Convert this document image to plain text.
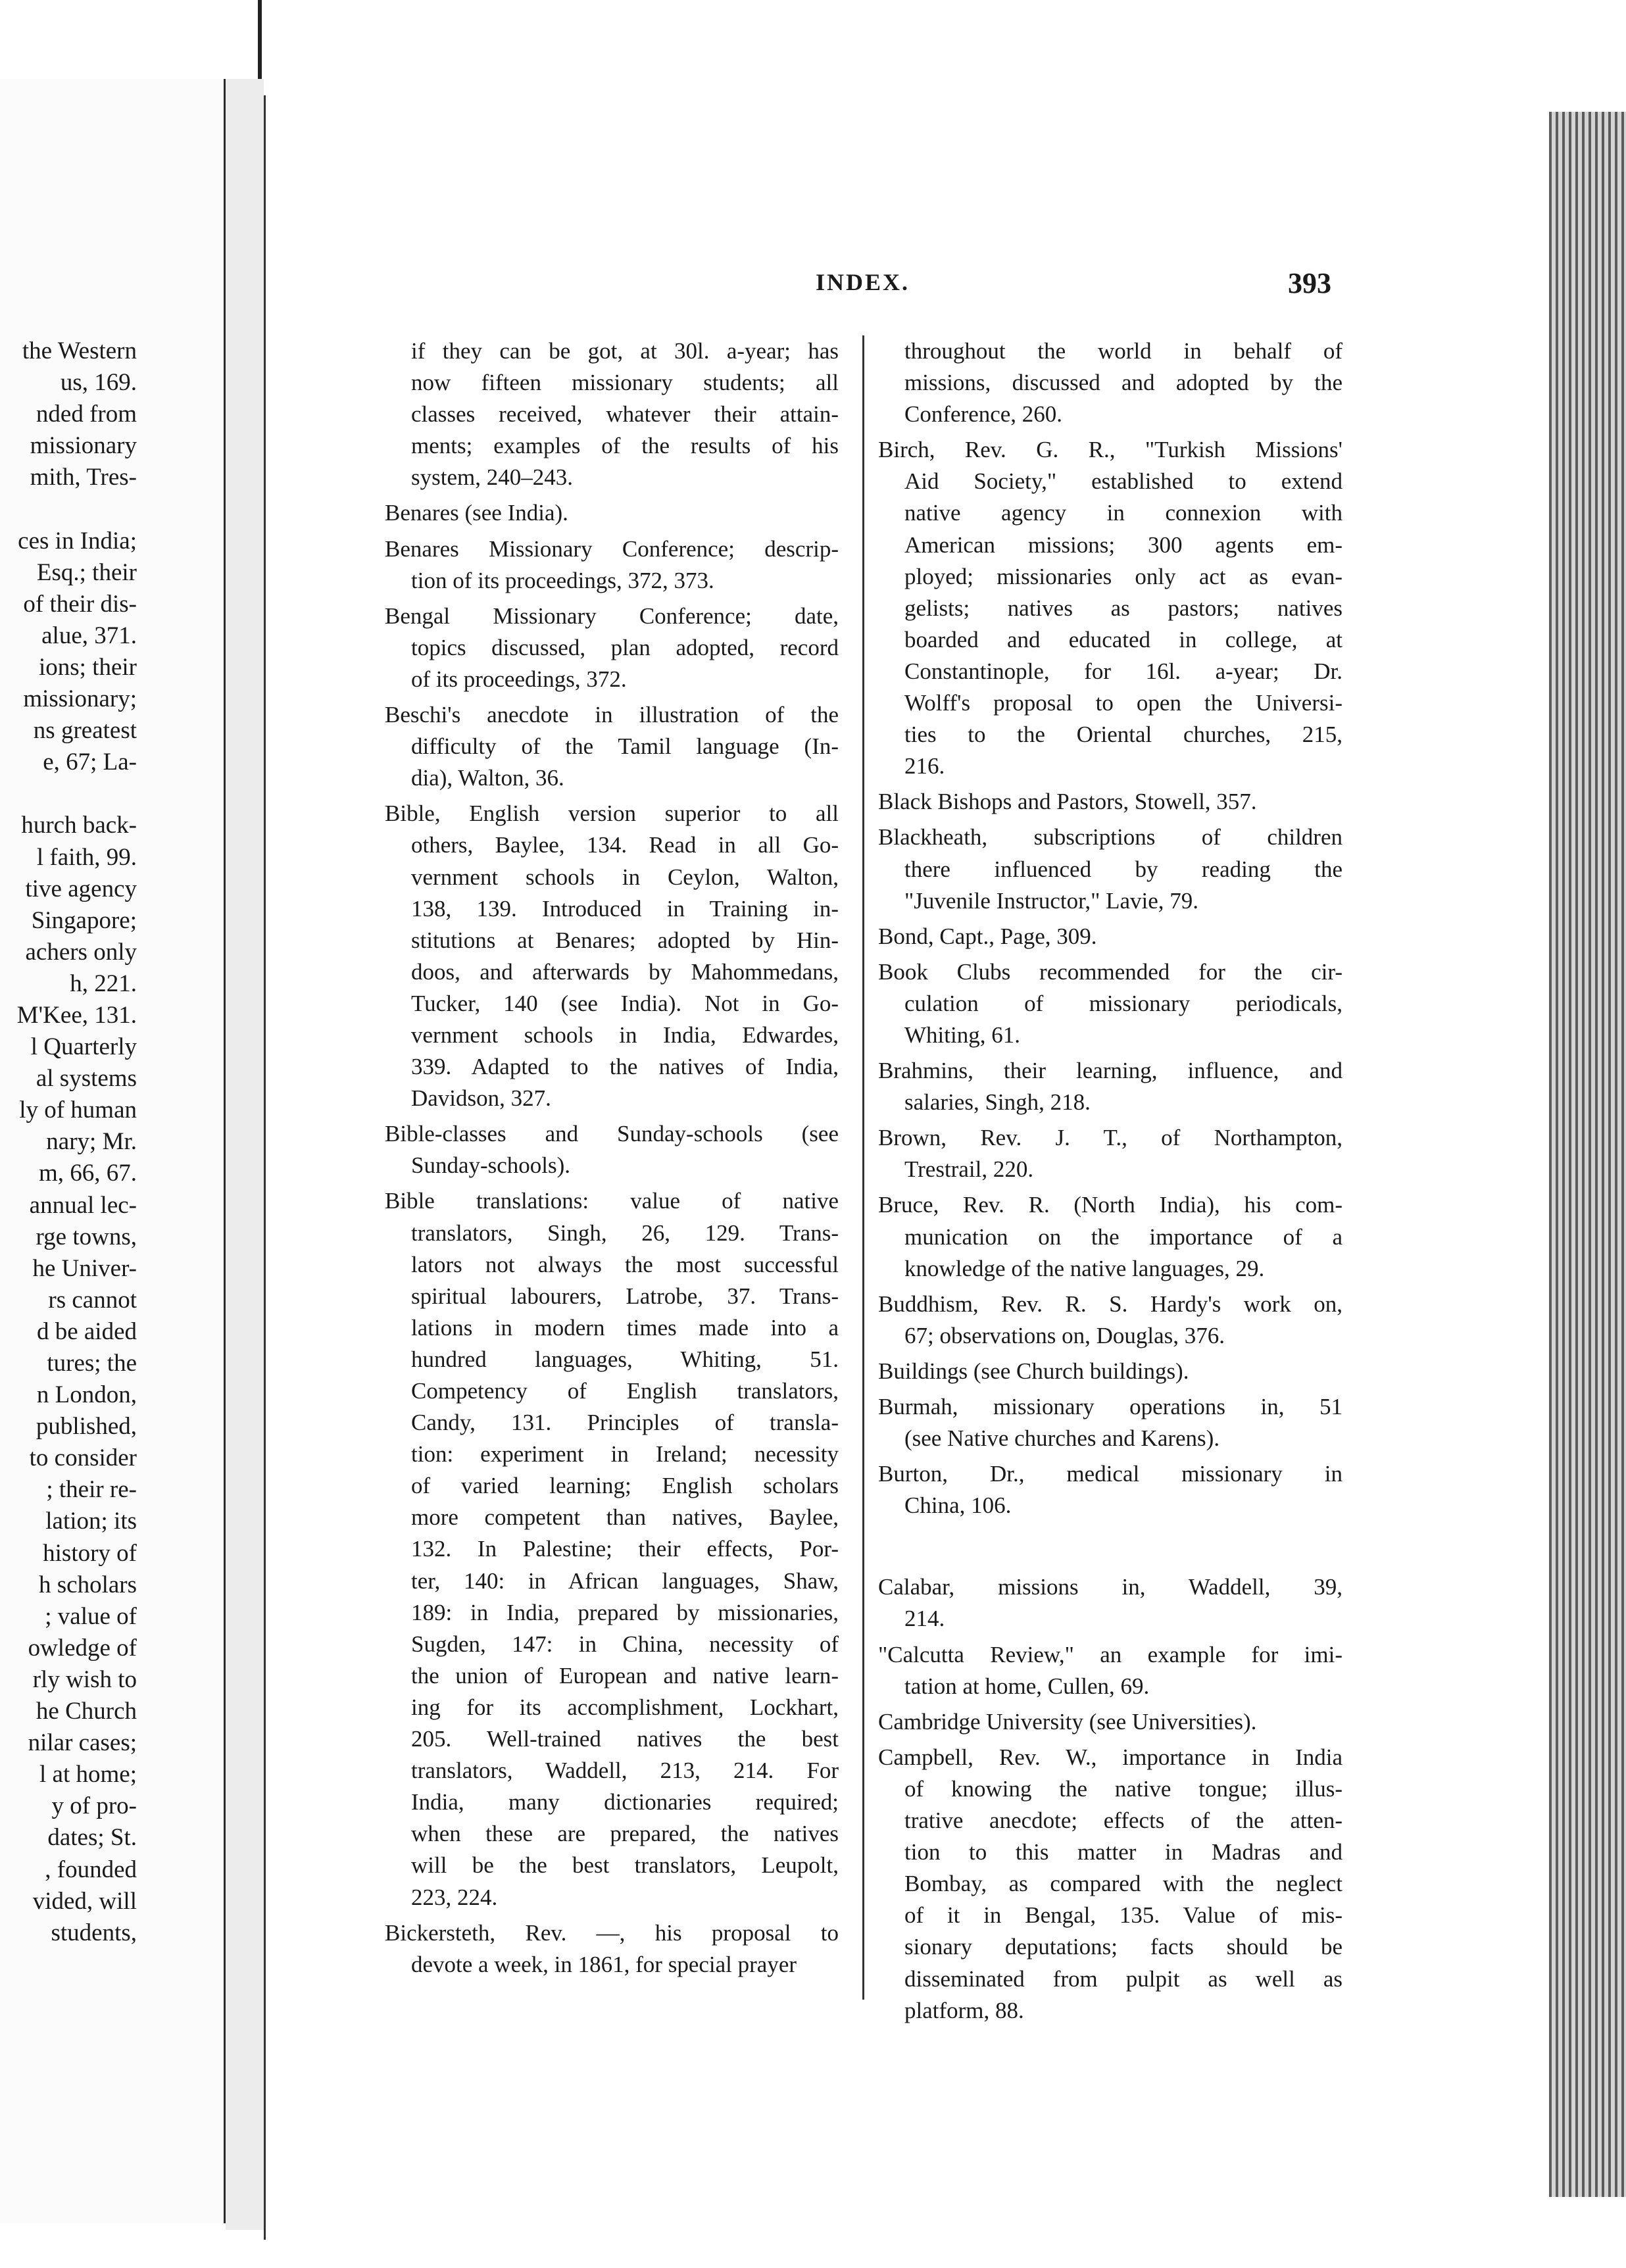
the Western
us, 169.
nded from
missionary
mith, Tres-

ces in India;
Esq.; their
of their dis-
alue, 371.
ions; their
missionary;
ns greatest
e, 67; La-

hurch back-
l faith, 99.
tive agency
Singapore;
achers only
h, 221.
M'Kee, 131.
l Quarterly
al systems
ly of human
nary; Mr.
m, 66, 67.
annual lec-
rge towns,
he Univer-
rs cannot
d be aided
tures; the
n London,
published,
to consider
; their re-
lation; its
history of
h scholars
; value of
owledge of
rly wish to
he Church
nilar cases;
l at home;
y of pro-
dates; St.
, founded
vided, will
students,
INDEX.	393
if they can be got, at 30l. a-year; has
now fifteen missionary students; all
classes received, whatever their attain-
ments; examples of the results of his
system, 240–243.
Benares (see India).
Benares Missionary Conference; descrip-
tion of its proceedings, 372, 373.
Bengal Missionary Conference; date,
topics discussed, plan adopted, record
of its proceedings, 372.
Beschi's anecdote in illustration of the
difficulty of the Tamil language (In-
dia), Walton, 36.
Bible, English version superior to all
others, Baylee, 134. Read in all Go-
vernment schools in Ceylon, Walton,
138, 139. Introduced in Training in-
stitutions at Benares; adopted by Hin-
doos, and afterwards by Mahommedans,
Tucker, 140 (see India). Not in Go-
vernment schools in India, Edwardes,
339. Adapted to the natives of India,
Davidson, 327.
Bible-classes and Sunday-schools (see
Sunday-schools).
Bible translations: value of native
translators, Singh, 26, 129. Trans-
lators not always the most successful
spiritual labourers, Latrobe, 37. Trans-
lations in modern times made into a
hundred languages, Whiting, 51.
Competency of English translators,
Candy, 131. Principles of transla-
tion: experiment in Ireland; necessity
of varied learning; English scholars
more competent than natives, Baylee,
132. In Palestine; their effects, Por-
ter, 140: in African languages, Shaw,
189: in India, prepared by missionaries,
Sugden, 147: in China, necessity of
the union of European and native learn-
ing for its accomplishment, Lockhart,
205. Well-trained natives the best
translators, Waddell, 213, 214. For
India, many dictionaries required;
when these are prepared, the natives
will be the best translators, Leupolt,
223, 224.
Bickersteth, Rev. —, his proposal to
devote a week, in 1861, for special prayer
throughout the world in behalf of
missions, discussed and adopted by the
Conference, 260.
Birch, Rev. G. R., "Turkish Missions'
Aid Society," established to extend
native agency in connexion with
American missions; 300 agents em-
ployed; missionaries only act as evan-
gelists; natives as pastors; natives
boarded and educated in college, at
Constantinople, for 16l. a-year; Dr.
Wolff's proposal to open the Universi-
ties to the Oriental churches, 215,
216.
Black Bishops and Pastors, Stowell, 357.
Blackheath, subscriptions of children
there influenced by reading the
"Juvenile Instructor," Lavie, 79.
Bond, Capt., Page, 309.
Book Clubs recommended for the cir-
culation of missionary periodicals,
Whiting, 61.
Brahmins, their learning, influence, and
salaries, Singh, 218.
Brown, Rev. J. T., of Northampton,
Trestrail, 220.
Bruce, Rev. R. (North India), his com-
munication on the importance of a
knowledge of the native languages, 29.
Buddhism, Rev. R. S. Hardy's work on,
67; observations on, Douglas, 376.
Buildings (see Church buildings).
Burmah, missionary operations in, 51
(see Native churches and Karens).
Burton, Dr., medical missionary in
China, 106.
Calabar, missions in, Waddell, 39,
214.
"Calcutta Review," an example for imi-
tation at home, Cullen, 69.
Cambridge University (see Universities).
Campbell, Rev. W., importance in India
of knowing the native tongue; illus-
trative anecdote; effects of the atten-
tion to this matter in Madras and
Bombay, as compared with the neglect
of it in Bengal, 135. Value of mis-
sionary deputations; facts should be
disseminated from pulpit as well as
platform, 88.
